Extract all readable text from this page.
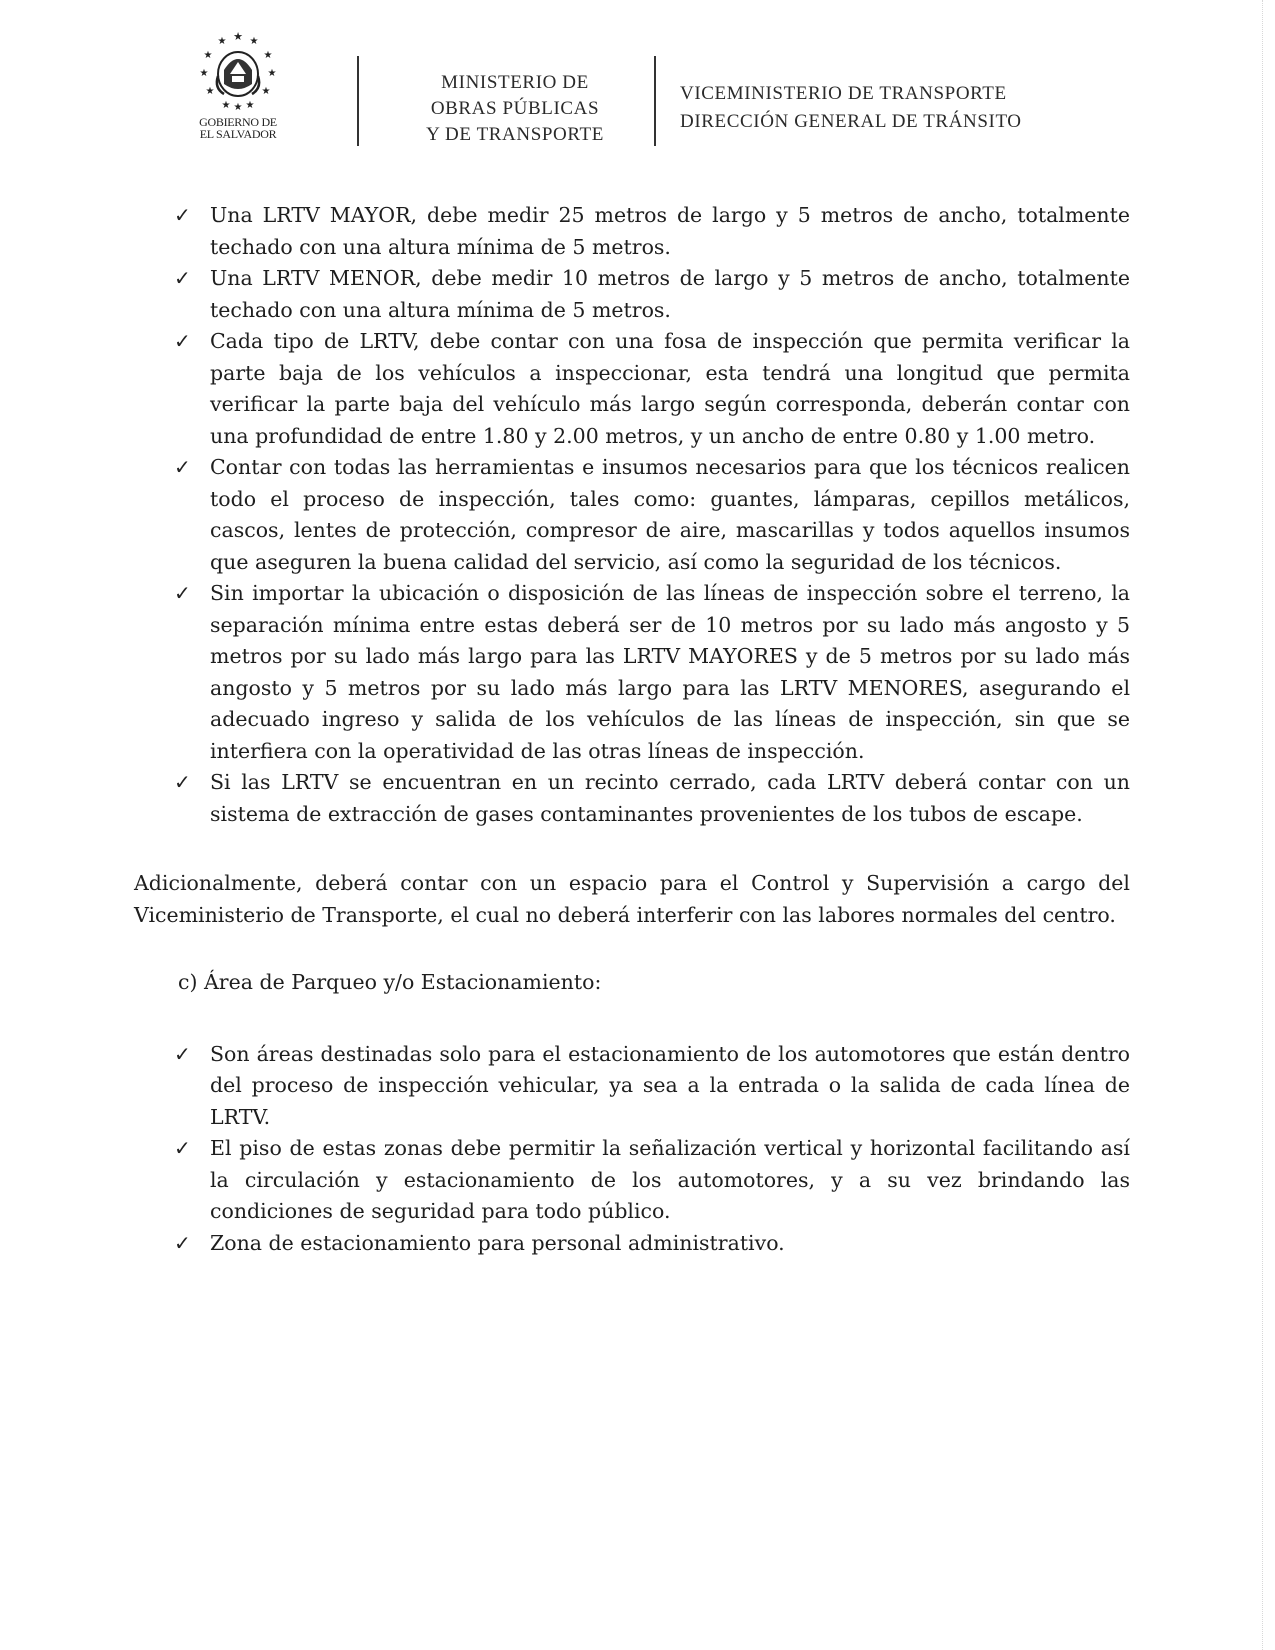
★
★ ★
★	★
★	★
★	★
★ ★ ★
GOBIERNO DE
EL SALVADOR
MINISTERIO DE
OBRAS PÚBLICAS
Y DE TRANSPORTE
VICEMINISTERIO DE TRANSPORTE
DIRECCIÓN GENERAL DE TRÁNSITO
✓ Una LRTV MAYOR, debe medir 25 metros de largo y 5 metros de ancho, totalmente techado con una altura mínima de 5 metros.
✓ Una LRTV MENOR, debe medir 10 metros de largo y 5 metros de ancho, totalmente techado con una altura mínima de 5 metros.
✓ Cada tipo de LRTV, debe contar con una fosa de inspección que permita verificar la parte baja de los vehículos a inspeccionar, esta tendrá una longitud que permita verificar la parte baja del vehículo más largo según corresponda, deberán contar con una profundidad de entre 1.80 y 2.00 metros, y un ancho de entre 0.80 y 1.00 metro.
✓ Contar con todas las herramientas e insumos necesarios para que los técnicos realicen todo el proceso de inspección, tales como: guantes, lámparas, cepillos metálicos, cascos, lentes de protección, compresor de aire, mascarillas y todos aquellos insumos que aseguren la buena calidad del servicio, así como la seguridad de los técnicos.
✓ Sin importar la ubicación o disposición de las líneas de inspección sobre el terreno, la separación mínima entre estas deberá ser de 10 metros por su lado más angosto y 5 metros por su lado más largo para las LRTV MAYORES y de 5 metros por su lado más angosto y 5 metros por su lado más largo para las LRTV MENORES, asegurando el adecuado ingreso y salida de los vehículos de las líneas de inspección, sin que se interfiera con la operatividad de las otras líneas de inspección.
✓ Si las LRTV se encuentran en un recinto cerrado, cada LRTV deberá contar con un sistema de extracción de gases contaminantes provenientes de los tubos de escape.

Adicionalmente, deberá contar con un espacio para el Control y Supervisión a cargo del Viceministerio de Transporte, el cual no deberá interferir con las labores normales del centro.

c) Área de Parqueo y/o Estacionamiento:
✓ Son áreas destinadas solo para el estacionamiento de los automotores que están dentro del proceso de inspección vehicular, ya sea a la entrada o la salida de cada línea de LRTV.
✓ El piso de estas zonas debe permitir la señalización vertical y horizontal facilitando así la circulación y estacionamiento de los automotores, y a su vez brindando las condiciones de seguridad para todo público.
✓ Zona de estacionamiento para personal administrativo.
